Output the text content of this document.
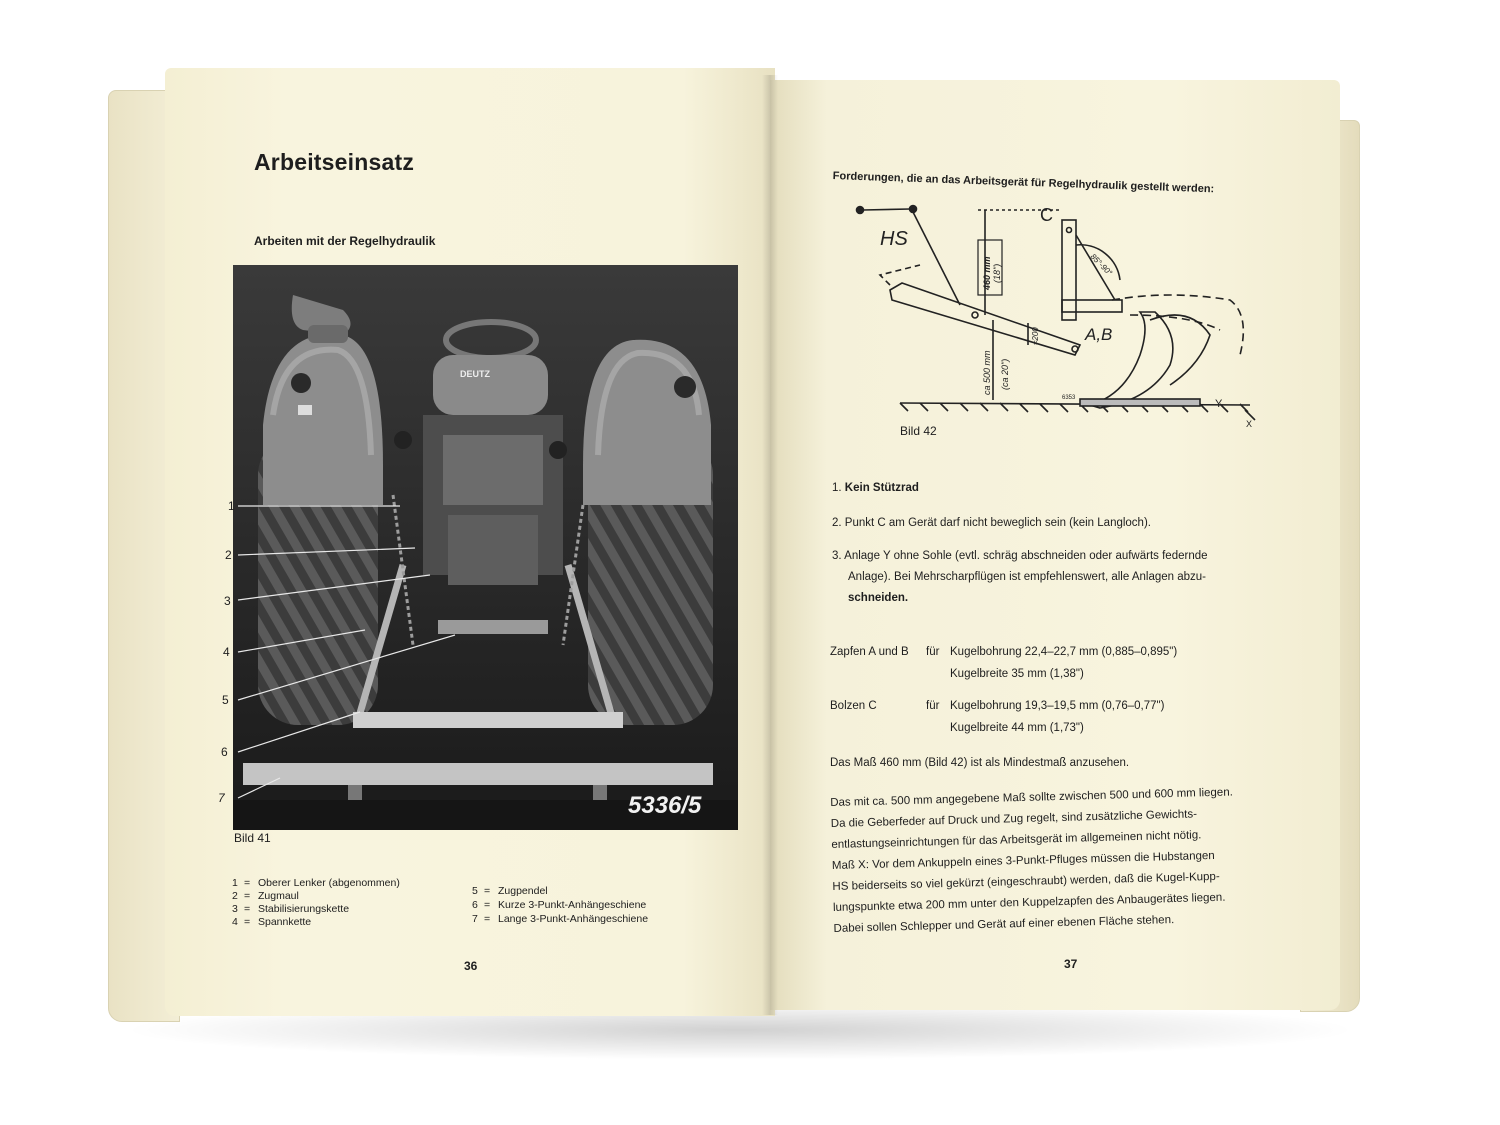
Arbeitseinsatz
Arbeiten mit der Regelhydraulik
DEUTZ
5336/5
1
2
3
4
5
6
7
Bild 41
1 = Oberer Lenker (abgenommen)
2 = Zugmaul
3 = Stabilisierungskette
4 = Spannkette
5 = Zugpendel
6 = Kurze 3-Punkt-Anhängeschiene
7 = Lange 3-Punkt-Anhängeschiene
36
Forderungen, die an das Arbeitsgerät für Regelhydraulik gestellt werden:
HS
C
A,B
Y
X
460 mm (18")
ca 500 mm (ca 20")
≈200
85°-90°
6353
Bild 42
1. Kein Stützrad
2. Punkt C am Gerät darf nicht beweglich sein (kein Langloch).
3. Anlage Y ohne Sohle (evtl. schräg abschneiden oder aufwärts federnde
Anlage). Bei Mehrscharpflügen ist empfehlenswert, alle Anlagen abzu-
schneiden.
Zapfen A und B für Kugelbohrung 22,4–22,7 mm (0,885–0,895")
Kugelbreite 35 mm (1,38")
Bolzen C	für Kugelbohrung 19,3–19,5 mm (0,76–0,77")
Kugelbreite 44 mm (1,73")
Das Maß 460 mm (Bild 42) ist als Mindestmaß anzusehen.
Das mit ca. 500 mm angegebene Maß sollte zwischen 500 und 600 mm liegen.
Da die Geberfeder auf Druck und Zug regelt, sind zusätzliche Gewichts-
entlastungseinrichtungen für das Arbeitsgerät im allgemeinen nicht nötig.
Maß X: Vor dem Ankuppeln eines 3-Punkt-Pfluges müssen die Hubstangen
HS beiderseits so viel gekürzt (eingeschraubt) werden, daß die Kugel-Kupp-
lungspunkte etwa 200 mm unter den Kuppelzapfen des Anbaugerätes liegen.
Dabei sollen Schlepper und Gerät auf einer ebenen Fläche stehen.
37
